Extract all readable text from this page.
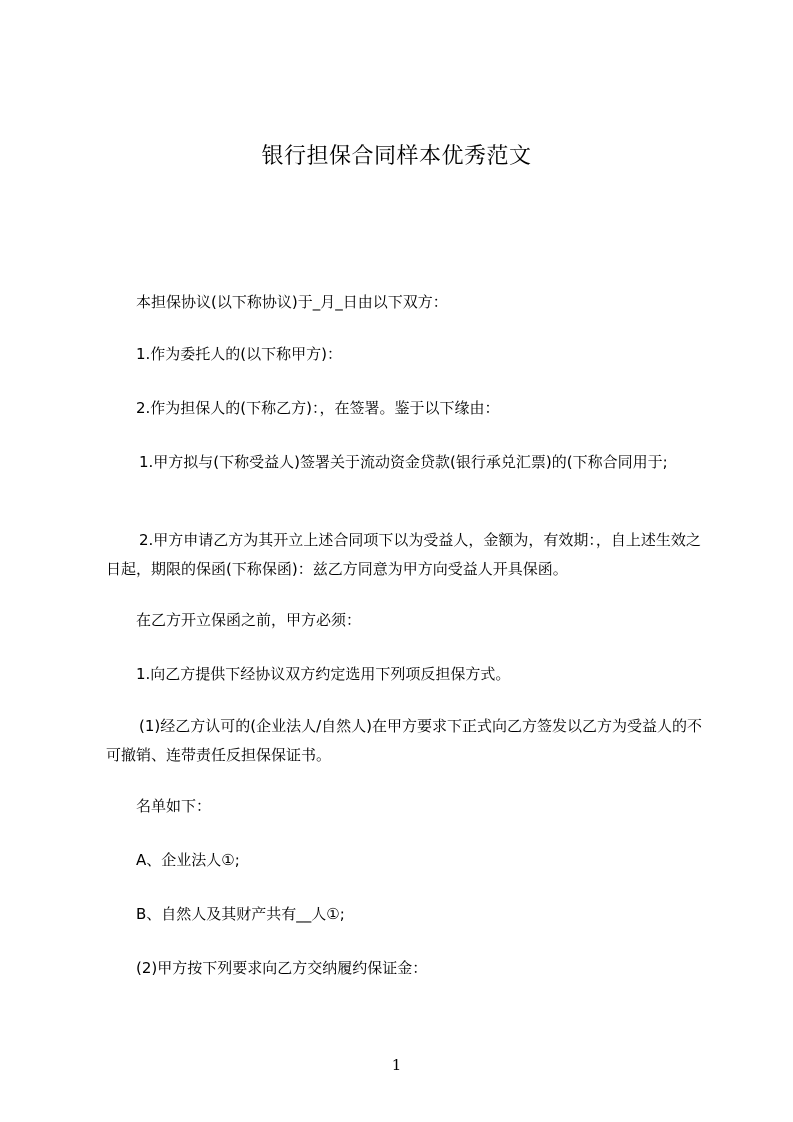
银行担保合同样本优秀范文

本担保协议(以下称协议)于_月_日由以下双方：

1.作为委托人的(以下称甲方)：

2.作为担保人的(下称乙方)：，在签署。鉴于以下缘由：

1.甲方拟与(下称受益人)签署关于流动资金贷款(银行承兑汇票)的(下称合同用于;

2.甲方申请乙方为其开立上述合同项下以为受益人，金额为，有效期：，自上述生效之日起，期限的保函(下称保函)：兹乙方同意为甲方向受益人开具保函。

在乙方开立保函之前，甲方必须：

1.向乙方提供下经协议双方约定选用下列项反担保方式。

(1)经乙方认可的(企业法人/自然人)在甲方要求下正式向乙方签发以乙方为受益人的不可撤销、连带责任反担保保证书。

名单如下：

A、企业法人①;

B、自然人及其财产共有__人①;

(2)甲方按下列要求向乙方交纳履约保证金：

1
